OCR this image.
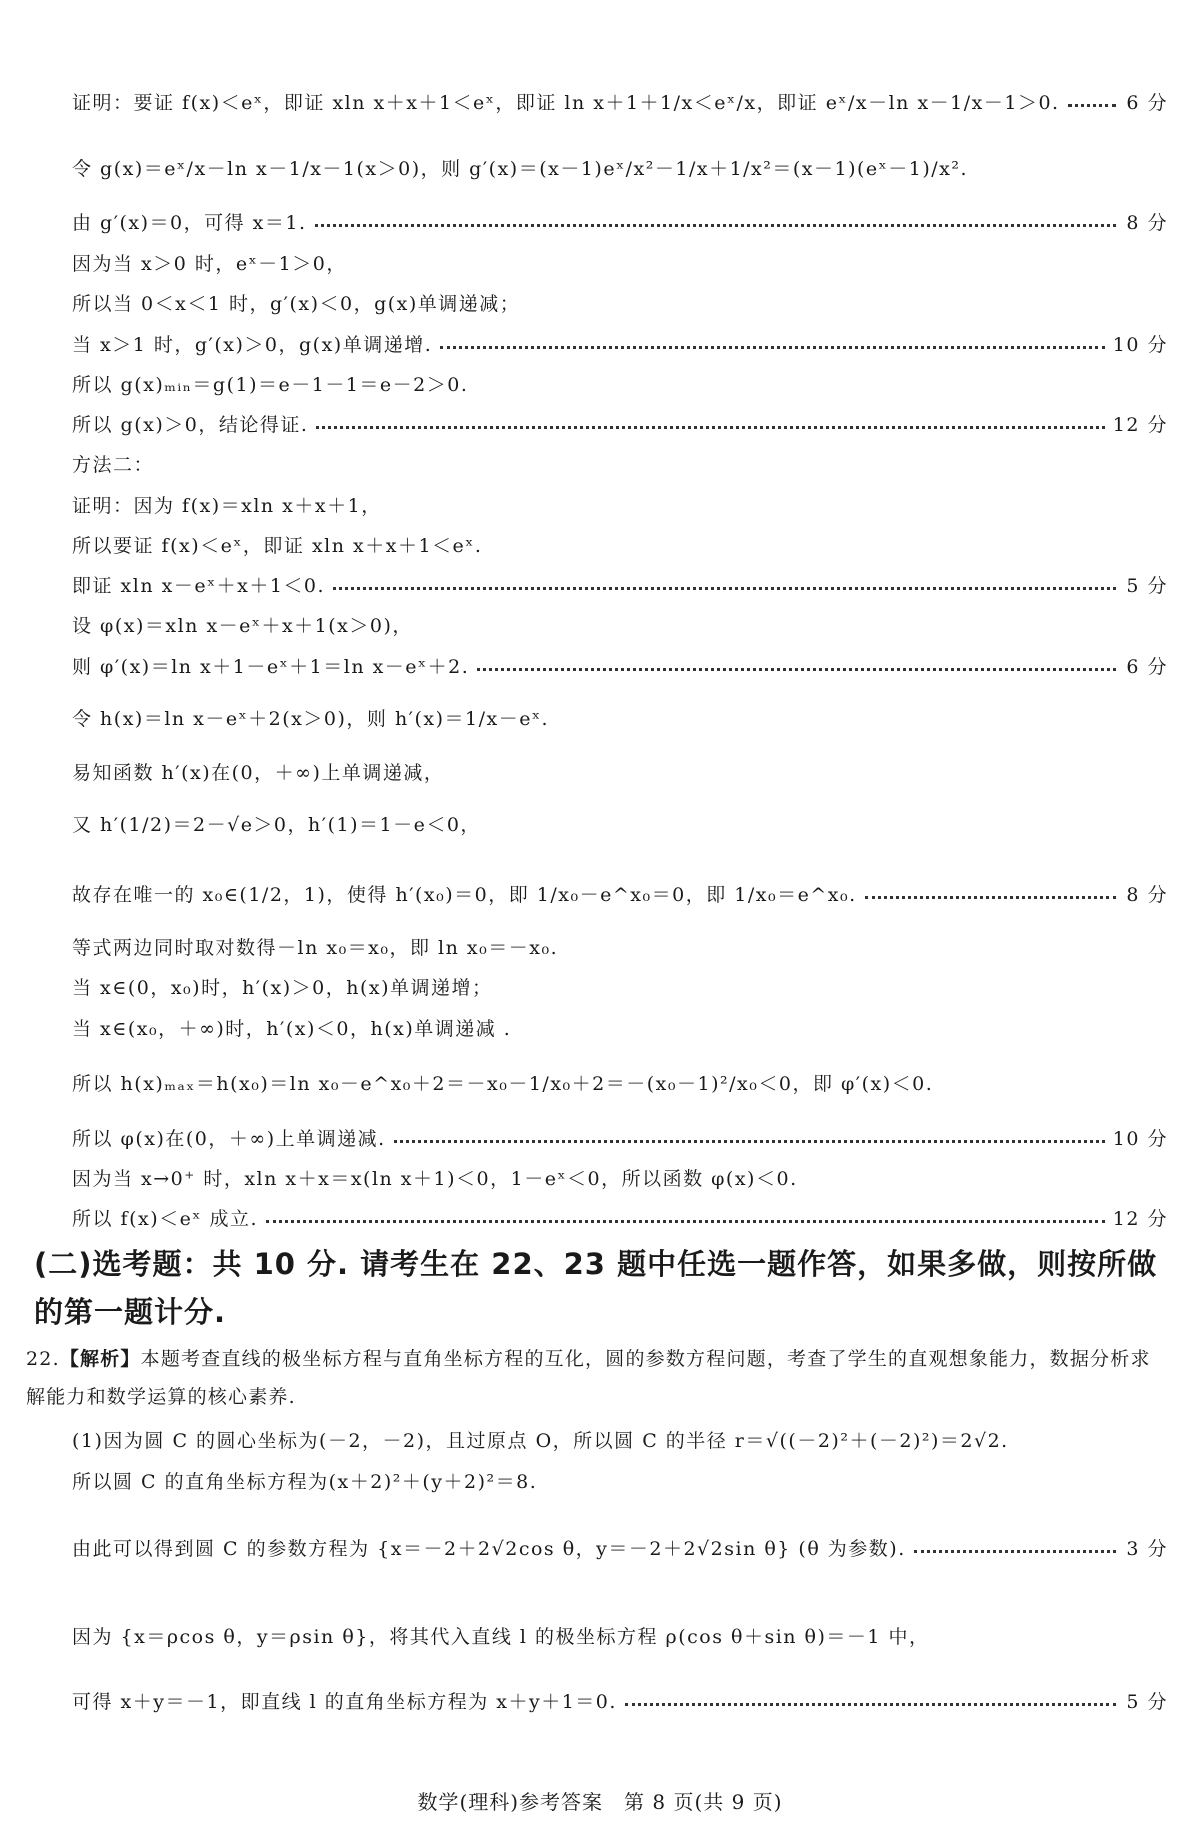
证明：要证 f(x)＜eˣ，即证 xln x＋x＋1＜eˣ，即证 ln x＋1＋1/x＜eˣ/x，即证 eˣ/x－ln x－1/x－1＞0.	6 分
令 g(x)＝eˣ/x－ln x－1/x－1(x＞0)，则 g′(x)＝(x－1)eˣ/x²－1/x＋1/x²＝(x－1)(eˣ－1)/x².
由 g′(x)＝0，可得 x＝1.	8 分
因为当 x＞0 时，eˣ－1＞0，
所以当 0＜x＜1 时，g′(x)＜0，g(x)单调递减；
当 x＞1 时，g′(x)＞0，g(x)单调递增.	10 分
所以 g(x)ₘᵢₙ＝g(1)＝e－1－1＝e－2＞0.
所以 g(x)＞0，结论得证.	12 分
方法二：
证明：因为 f(x)＝xln x＋x＋1，
所以要证 f(x)＜eˣ，即证 xln x＋x＋1＜eˣ.
即证 xln x－eˣ＋x＋1＜0.	5 分
设 φ(x)＝xln x－eˣ＋x＋1(x＞0)，
则 φ′(x)＝ln x＋1－eˣ＋1＝ln x－eˣ＋2.	6 分
令 h(x)＝ln x－eˣ＋2(x＞0)，则 h′(x)＝1/x－eˣ.
易知函数 h′(x)在(0，＋∞)上单调递减，
又 h′(1/2)＝2－√e＞0，h′(1)＝1－e＜0，
故存在唯一的 x₀∈(1/2，1)，使得 h′(x₀)＝0，即 1/x₀－e^x₀＝0，即 1/x₀＝e^x₀.	8 分
等式两边同时取对数得－ln x₀＝x₀，即 ln x₀＝－x₀.
当 x∈(0，x₀)时，h′(x)＞0，h(x)单调递增；
当 x∈(x₀，＋∞)时，h′(x)＜0，h(x)单调递减 .
所以 h(x)ₘₐₓ＝h(x₀)＝ln x₀－e^x₀＋2＝－x₀－1/x₀＋2＝－(x₀－1)²/x₀＜0，即 φ′(x)＜0.
所以 φ(x)在(0，＋∞)上单调递减.	10 分
因为当 x→0⁺ 时，xln x＋x＝x(ln x＋1)＜0，1－eˣ＜0，所以函数 φ(x)＜0.
所以 f(x)＜eˣ 成立.	12 分
(二)选考题：共 10 分. 请考生在 22、23 题中任选一题作答，如果多做，则按所做的第一题计分.
22.【解析】本题考查直线的极坐标方程与直角坐标方程的互化，圆的参数方程问题，考查了学生的直观想象能力，数据分析求解能力和数学运算的核心素养.
(1)因为圆 C 的圆心坐标为(－2，－2)，且过原点 O，所以圆 C 的半径 r＝√((－2)²＋(－2)²)＝2√2.
所以圆 C 的直角坐标方程为(x＋2)²＋(y＋2)²＝8.
由此可以得到圆 C 的参数方程为 {x＝－2＋2√2cos θ，y＝－2＋2√2sin θ} (θ 为参数).	3 分
因为 {x＝ρcos θ，y＝ρsin θ}，将其代入直线 l 的极坐标方程 ρ(cos θ＋sin θ)＝－1 中，
可得 x＋y＝－1，即直线 l 的直角坐标方程为 x＋y＋1＝0.	5 分
数学(理科)参考答案　第 8 页(共 9 页)
